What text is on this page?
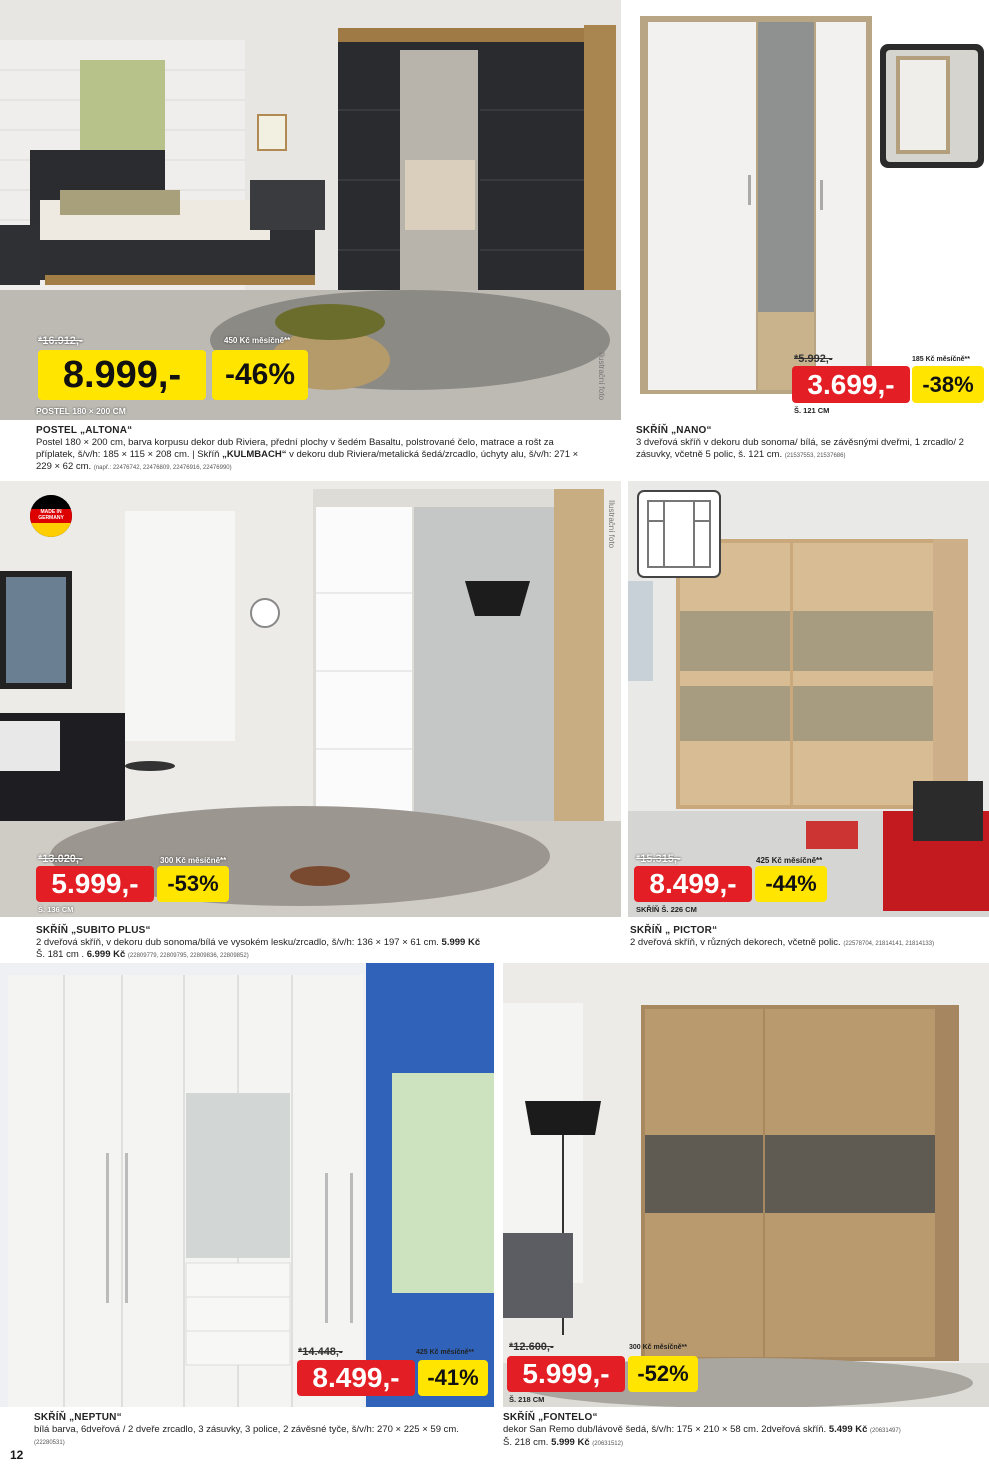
Ilustrační foto
*16.912,-	450 Kč měsíčně**
8.999,-	-46%
POSTEL 180 × 200 CM
POSTEL „ALTONA“
Postel 180 × 200 cm, barva korpusu dekor dub Riviera, přední plochy v šedém Basaltu, polstrované čelo, matrace a rošt za příplatek, š/v/h: 185 × 115 × 208 cm. | Skříň „KULMBACH“ v dekoru dub Riviera/metalická šedá/zrcadlo, úchyty alu, š/v/h: 271 × 229 × 62 cm. (např.: 22476742, 22476809, 22476916, 22476990)
*5.992,-	185 Kč měsíčně**
3.699,-	-38%
Š. 121 CM
SKŘÍŇ „NANO“
3 dveřová skříň v dekoru dub sonoma/ bílá, se závěsnými dveřmi, 1 zrcadlo/ 2 zásuvky, včetně 5 polic, š. 121 cm. (21537553, 21537686)
MADE IN GERMANY	Ilustrační foto
*13.020,-	300 Kč měsíčně**
5.999,-	-53%
Š. 136 CM
SKŘÍŇ „SUBITO PLUS“
2 dveřová skříň, v dekoru dub sonoma/bílá ve vysokém lesku/zrcadlo, š/v/h: 136 × 197 × 61 cm. 5.999 Kč
Š. 181 cm . 6.999 Kč (22809779, 22809795, 22809836, 22809852)
*15.315,-	425 Kč měsíčně**
8.499,-	-44%
SKŘÍŇ Š. 226 CM
SKŘÍŇ „ PICTOR“
2 dveřová skříň, v různých dekorech, včetně polic. (22578704, 21814141, 21814133)
*14.448,-	425 Kč měsíčně**
8.499,-	-41%
SKŘÍŇ „NEPTUN“
bílá barva, 6dveřová / 2 dveře zrcadlo, 3 zásuvky, 3 police, 2 závěsné tyče, š/v/h: 270 × 225 × 59 cm.
(22280531)
*12.600,-	300 Kč měsíčně**
5.999,-	-52%
Š. 218 CM
SKŘÍŇ „FONTELO“
dekor San Remo dub/lávově šedá, š/v/h: 175 × 210 × 58 cm. 2dveřová skříň. 5.499 Kč (20631497)
Š. 218 cm. 5.999 Kč (20631512)
12
